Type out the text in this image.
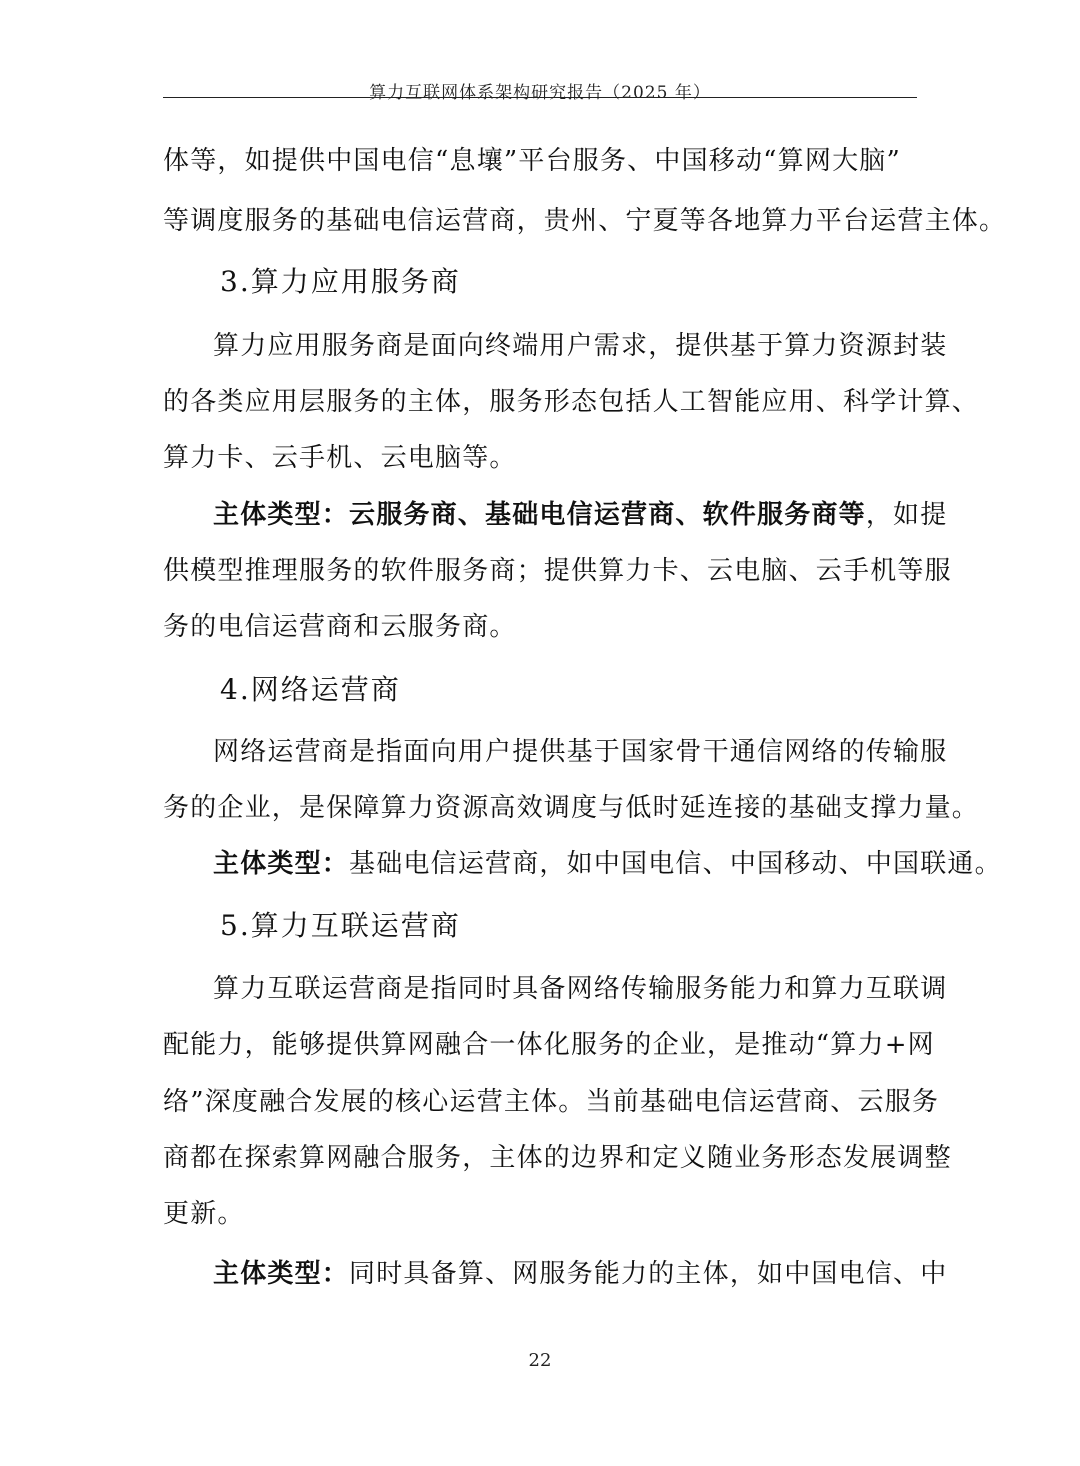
算力互联网体系架构研究报告（2025 年）
体等，如提供中国电信“息壤”平台服务、中国移动“算网大脑”
等调度服务的基础电信运营商，贵州、宁夏等各地算力平台运营主体。
3.算力应用服务商
算力应用服务商是面向终端用户需求，提供基于算力资源封装
的各类应用层服务的主体，服务形态包括人工智能应用、科学计算、
算力卡、云手机、云电脑等。
主体类型：云服务商、基础电信运营商、软件服务商等，如提
供模型推理服务的软件服务商；提供算力卡、云电脑、云手机等服
务的电信运营商和云服务商。
4.网络运营商
网络运营商是指面向用户提供基于国家骨干通信网络的传输服
务的企业，是保障算力资源高效调度与低时延连接的基础支撑力量。
主体类型：基础电信运营商，如中国电信、中国移动、中国联通。
5.算力互联运营商
算力互联运营商是指同时具备网络传输服务能力和算力互联调
配能力，能够提供算网融合一体化服务的企业，是推动“算力+网
络”深度融合发展的核心运营主体。当前基础电信运营商、云服务
商都在探索算网融合服务，主体的边界和定义随业务形态发展调整
更新。
主体类型：同时具备算、网服务能力的主体，如中国电信、中
22
